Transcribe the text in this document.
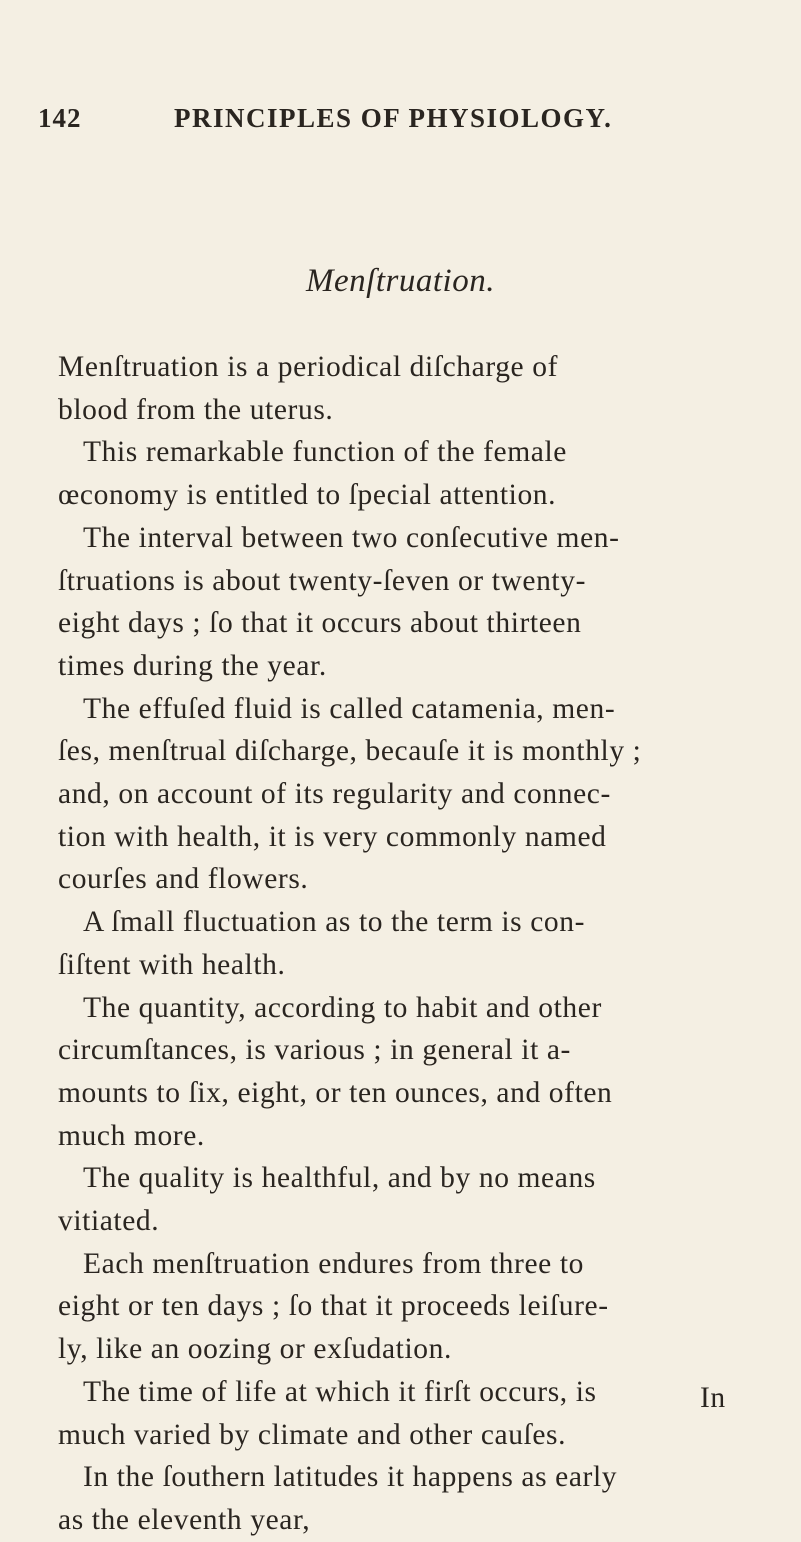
142	PRINCIPLES OF PHYSIOLOGY.
Menſtruation.
Menſtruation is a periodical diſcharge of
blood from the uterus.
This remarkable function of the female
œconomy is entitled to ſpecial attention.
The interval between two conſecutive men-
ſtruations is about twenty-ſeven or twenty-
eight days ; ſo that it occurs about thirteen
times during the year.
The effuſed fluid is called catamenia, men-
ſes, menſtrual diſcharge, becauſe it is monthly ;
and, on account of its regularity and connec-
tion with health, it is very commonly named
courſes and flowers.
A ſmall fluctuation as to the term is con-
ſiſtent with health.
The quantity, according to habit and other
circumſtances, is various ; in general it a-
mounts to ſix, eight, or ten ounces, and often
much more.
The quality is healthful, and by no means
vitiated.
Each menſtruation endures from three to
eight or ten days ; ſo that it proceeds leiſure-
ly, like an oozing or exſudation.
The time of life at which it firſt occurs, is
much varied by climate and other cauſes.
In the ſouthern latitudes it happens as early
as the eleventh year,
In
